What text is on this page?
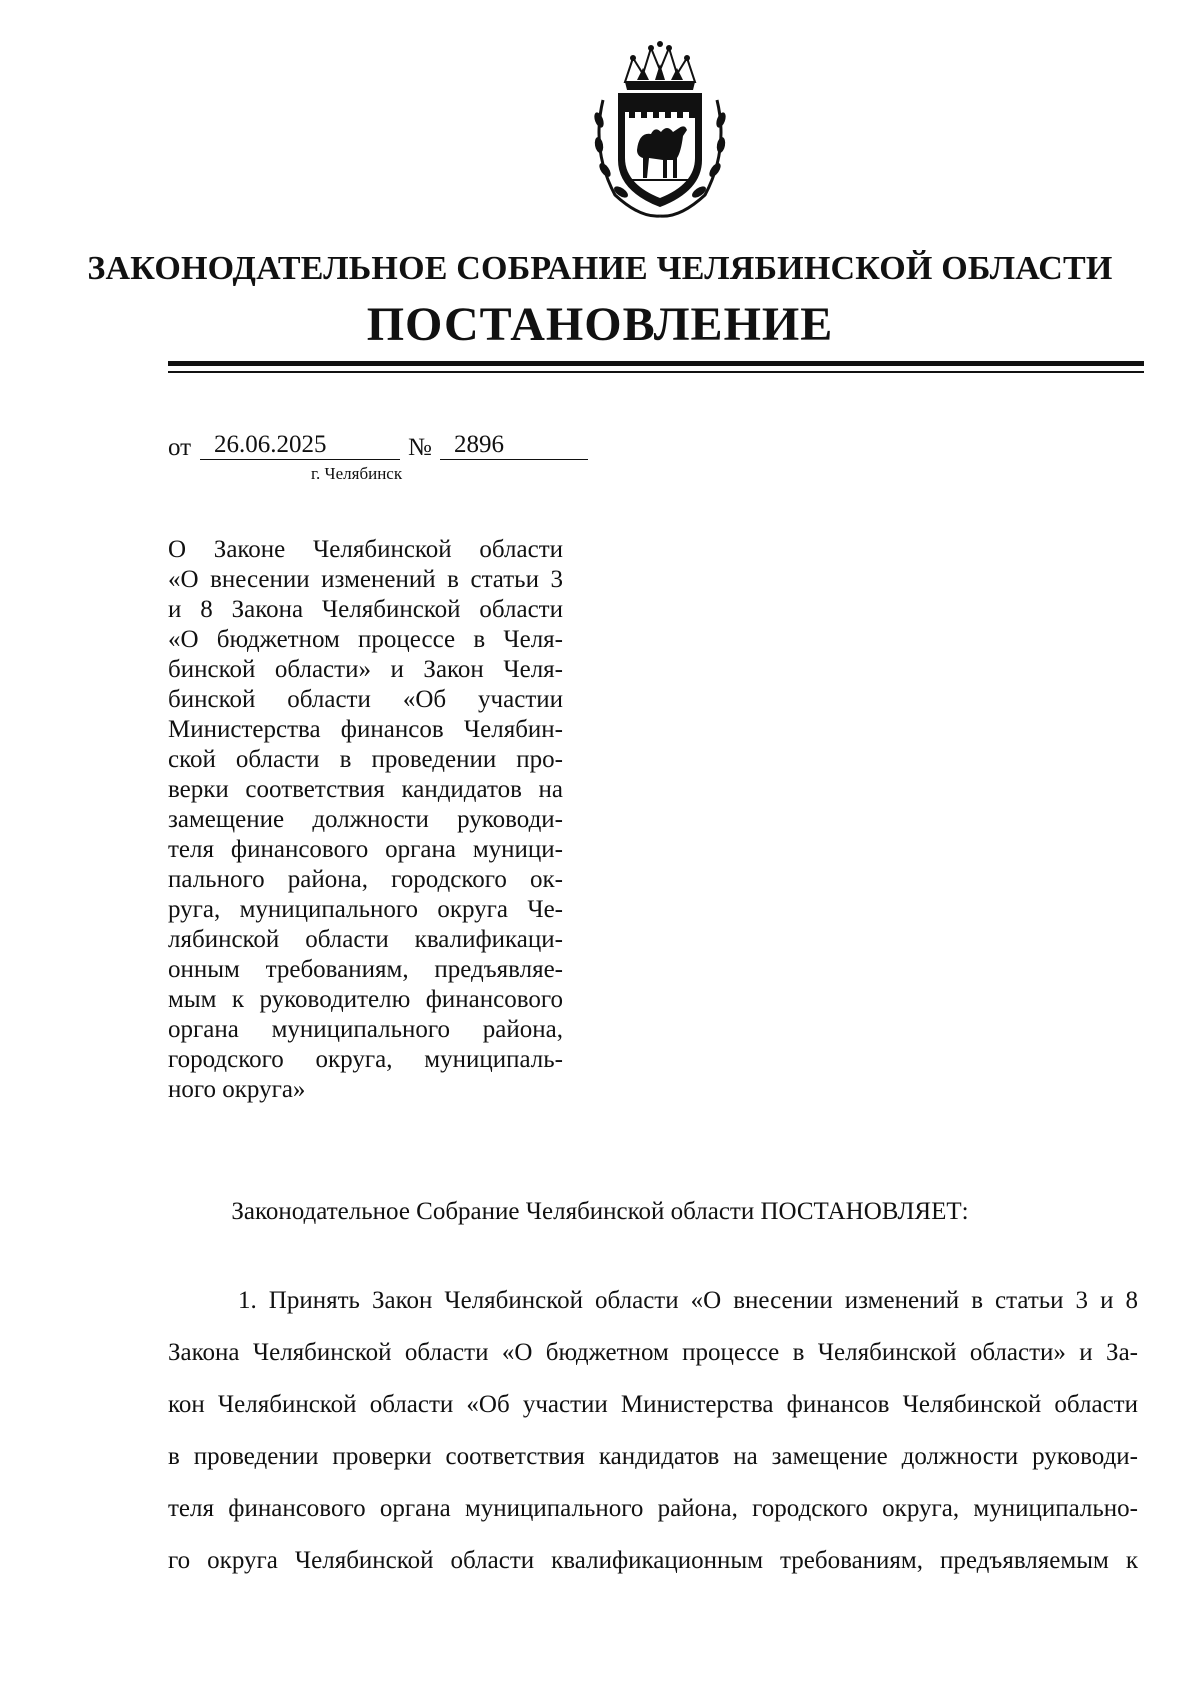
ЗАКОНОДАТЕЛЬНОЕ СОБРАНИЕ ЧЕЛЯБИНСКОЙ ОБЛАСТИ
ПОСТАНОВЛЕНИЕ
от 26.06.2025	№ 2896
г. Челябинск
О Законе Челябинской области
«О внесении изменений в статьи 3
и 8 Закона Челябинской области
«О бюджетном процессе в Челя-
бинской области» и Закон Челя-
бинской области «Об участии
Министерства финансов Челябин-
ской области в проведении про-
верки соответствия кандидатов на
замещение должности руководи-
теля финансового органа муници-
пального района, городского ок-
руга, муниципального округа Че-
лябинской области квалификаци-
онным требованиям, предъявляе-
мым к руководителю финансового
органа муниципального района,
городского округа, муниципаль-
ного округа»
Законодательное Собрание Челябинской области ПОСТАНОВЛЯЕТ:
1. Принять Закон Челябинской области «О внесении изменений в статьи 3 и 8
Закона Челябинской области «О бюджетном процессе в Челябинской области» и За-
кон Челябинской области «Об участии Министерства финансов Челябинской области
в проведении проверки соответствия кандидатов на замещение должности руководи-
теля финансового органа муниципального района, городского округа, муниципально-
го округа Челябинской области квалификационным требованиям, предъявляемым к
